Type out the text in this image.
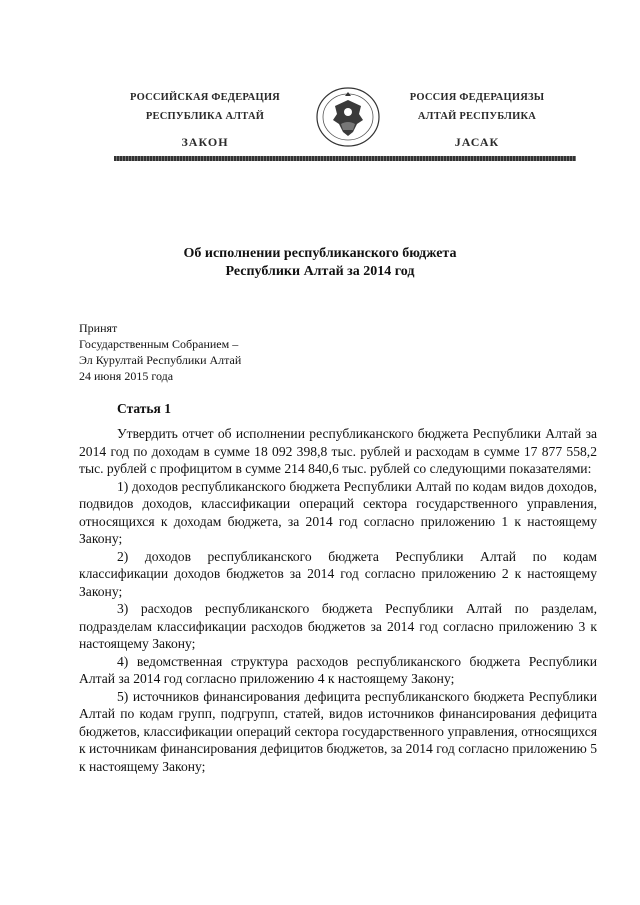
РОССИЙСКАЯ ФЕДЕРАЦИЯ
РЕСПУБЛИКА АЛТАЙ
ЗАКОН
РОССИЯ ФЕДЕРАЦИЯЗЫ
АЛТАЙ РЕСПУБЛИКА
ЈАСАК
Об исполнении республиканского бюджета
Республики Алтай за 2014 год
Принят
Государственным Собранием –
Эл Курултай Республики Алтай
24 июня 2015 года
Статья 1

Утвердить отчет об исполнении республиканского бюджета Республики Алтай за 2014 год по доходам в сумме 18 092 398,8 тыс. рублей и расходам в сумме 17 877 558,2 тыс. рублей с профицитом в сумме 214 840,6 тыс. рублей со следующими показателями:

1) доходов республиканского бюджета Республики Алтай по кодам видов доходов, подвидов доходов, классификации операций сектора государственного управления, относящихся к доходам бюджета, за 2014 год согласно приложению 1 к настоящему Закону;

2) доходов республиканского бюджета Республики Алтай по кодам классификации доходов бюджетов за 2014 год согласно приложению 2 к настоящему Закону;

3) расходов республиканского бюджета Республики Алтай по разделам, подразделам классификации расходов бюджетов за 2014 год согласно приложению 3 к настоящему Закону;

4) ведомственная структура расходов республиканского бюджета Республики Алтай за 2014 год согласно приложению 4 к настоящему Закону;

5) источников финансирования дефицита республиканского бюджета Республики Алтай по кодам групп, подгрупп, статей, видов источников финансирования дефицита бюджетов, классификации операций сектора государственного управления, относящихся к источникам финансирования дефицитов бюджетов, за 2014 год согласно приложению 5 к настоящему Закону;
